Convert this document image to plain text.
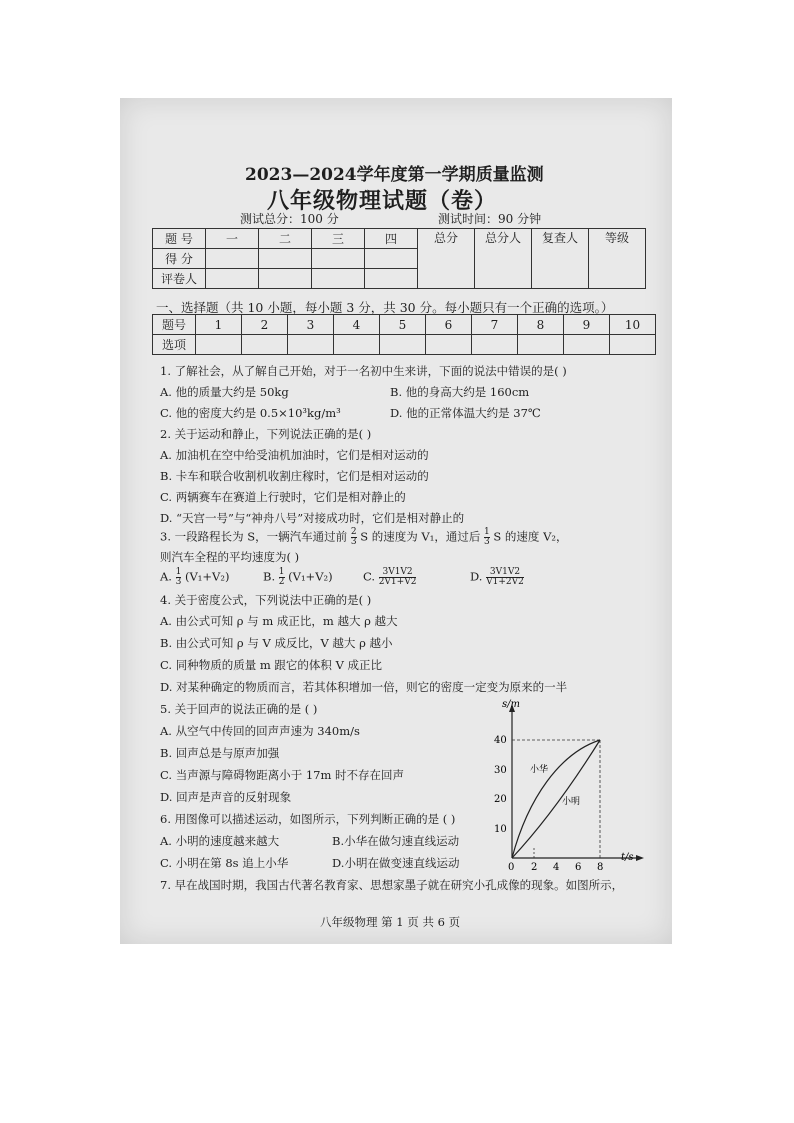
2023—2024学年度第一学期质量监测
八年级物理试题（卷）
测试总分：100 分	测试时间：90 分钟
题 号	一	二	三	四	总分	总分人	复查人	等级
得 分								
评卷人								
一、选择题（共 10 小题，每小题 3 分，共 30 分。每小题只有一个正确的选项。）
题号	1	2	3	4	5	6	7	8	9	10
选项										
1. 了解社会，从了解自己开始，对于一名初中生来讲，下面的说法中错误的是( )
A. 他的质量大约是 50kg	B. 他的身高大约是 160cm
C. 他的密度大约是 0.5×10³kg/m³	D. 他的正常体温大约是 37℃
2. 关于运动和静止，下列说法正确的是( )
A. 加油机在空中给受油机加油时，它们是相对运动的
B. 卡车和联合收割机收割庄稼时，它们是相对运动的
C. 两辆赛车在赛道上行驶时，它们是相对静止的
D. “天宫一号”与“神舟八号”对接成功时，它们是相对静止的
3. 一段路程长为 S，一辆汽车通过前 $\frac{2}{3}$ S 的速度为 V₁，通过后 $\frac{1}{3}$ S 的速度 V₂，
则汽车全程的平均速度为( )
A. $\frac{1}{3} (V_1+V_2)$	B. $\frac{1}{2} (V_1+V_2)$	C. $\frac{3V1V2}{2V1+V2}$	D. $\frac{3V1V2}{V1+2V2}$
4. 关于密度公式，下列说法中正确的是( )
A. 由公式可知 ρ 与 m 成正比，m 越大 ρ 越大
B. 由公式可知 ρ 与 V 成反比，V 越大 ρ 越小
C. 同种物质的质量 m 跟它的体积 V 成正比
D. 对某种确定的物质而言，若其体积增加一倍，则它的密度一定变为原来的一半
5. 关于回声的说法正确的是 ( )
A. 从空气中传回的回声声速为 340m/s
B. 回声总是与原声加强
C. 当声源与障碍物距离小于 17m 时不存在回声
D. 回声是声音的反射现象
6. 用图像可以描述运动，如图所示，下列判断正确的是 ( )
A. 小明的速度越来越大	B.小华在做匀速直线运动
C. 小明在第 8s 追上小华	D.小明在做变速直线运动
7. 早在战国时期，我国古代著名教育家、思想家墨子就在研究小孔成像的现象。如图所示，
s/m
t/s
40
30
20
10
0 2 4 6 8
小华
小明
八年级物理 第 1 页 共 6 页
